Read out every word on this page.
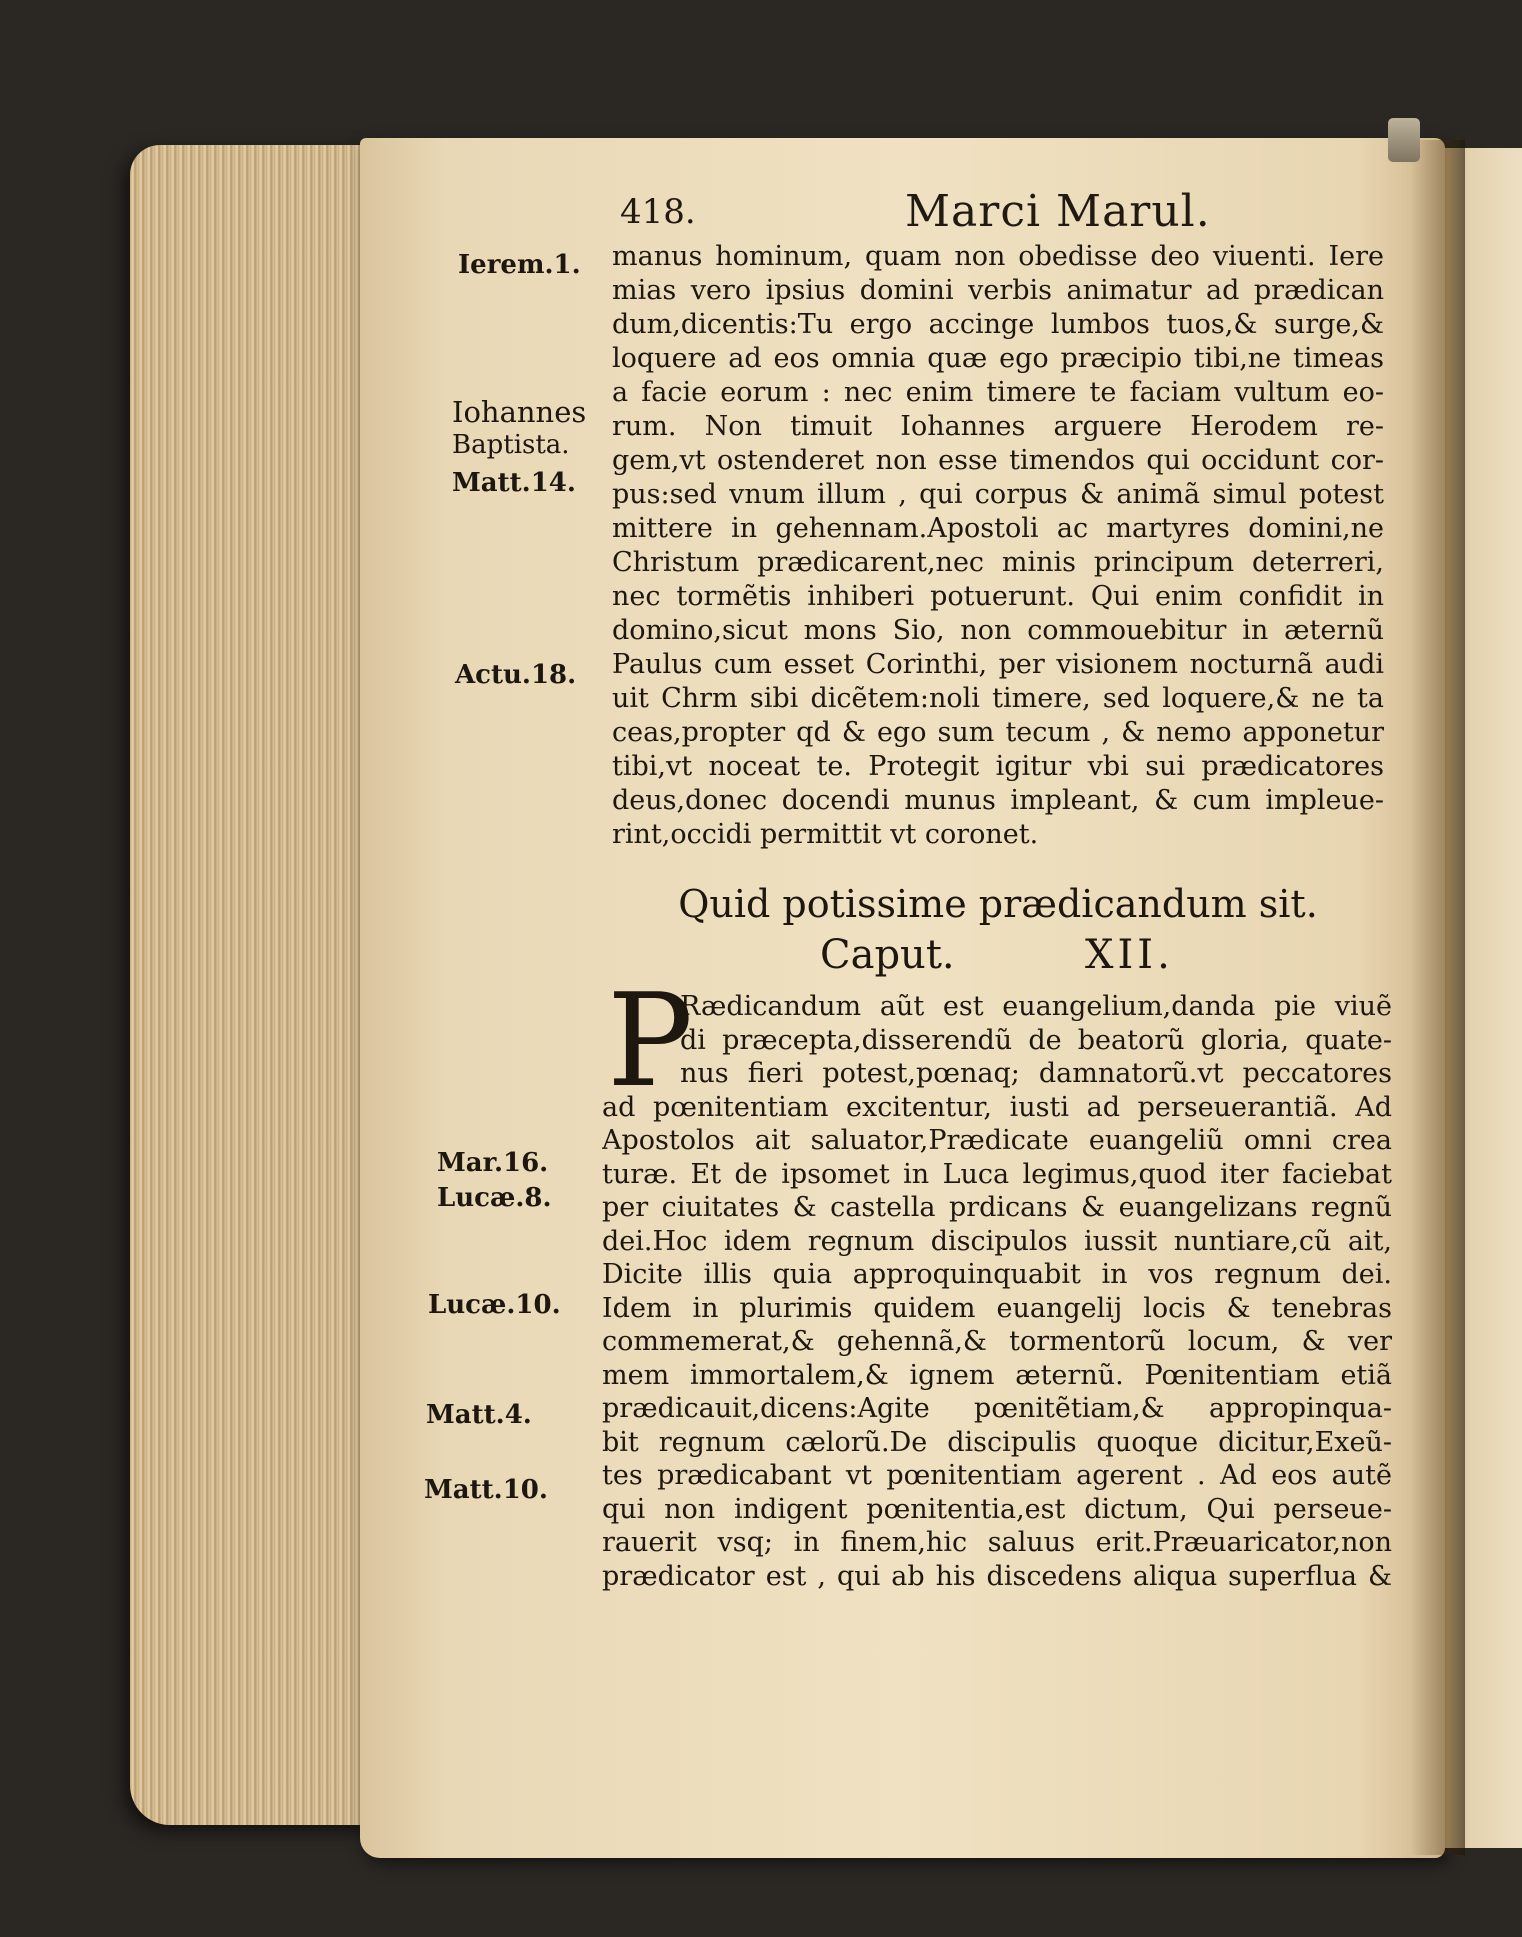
418.	Marci Marul.
manus hominum, quam non obedisse deo viuenti. Iere
mias vero ipsius domini verbis animatur ad prædican
dum,dicentis:Tu ergo accinge lumbos tuos,& surge,&
loquere ad eos omnia quæ ego præcipio tibi,ne timeas
a facie eorum : nec enim timere te faciam vultum eo-
rum. Non timuit Iohannes arguere Herodem re-
gem,vt ostenderet non esse timendos qui occidunt cor-
pus:sed vnum illum , qui corpus & animã simul potest
mittere in gehennam.Apostoli ac martyres domini,ne
Christum prædicarent,nec minis principum deterreri,
nec tormẽtis inhiberi potuerunt. Qui enim confidit in
domino,sicut mons Sio, non commouebitur in æternũ
Paulus cum esset Corinthi, per visionem nocturnã audi
uit Chrm sibi dicẽtem:noli timere, sed loquere,& ne ta
ceas,propter qd & ego sum tecum , & nemo apponetur
tibi,vt noceat te. Protegit igitur vbi sui prædicatores
deus,donec docendi munus impleant, & cum impleue-
rint,occidi permittit vt coronet.
Quid potissime prædicandum sit.
Caput.	XII.
P
Rædicandum aũt est euangelium,danda pie viuẽ
di præcepta,disserendũ de beatorũ gloria, quate-
nus fieri potest,pœnaq; damnatorũ.vt peccatores
ad pœnitentiam excitentur, iusti ad perseuerantiã. Ad
Apostolos ait saluator,Prædicate euangeliũ omni crea
turæ. Et de ipsomet in Luca legimus,quod iter faciebat
per ciuitates & castella prdicans & euangelizans regnũ
dei.Hoc idem regnum discipulos iussit nuntiare,cũ ait,
Dicite illis quia approquinquabit in vos regnum dei.
Idem in plurimis quidem euangelij locis & tenebras
commemerat,& gehennã,& tormentorũ locum, & ver
mem immortalem,& ignem æternũ. Pœnitentiam etiã
prædicauit,dicens:Agite pœnitẽtiam,& appropinqua-
bit regnum cælorũ.De discipulis quoque dicitur,Exeũ-
tes prædicabant vt pœnitentiam agerent . Ad eos autẽ
qui non indigent pœnitentia,est dictum, Qui perseue-
rauerit vsq; in finem,hic saluus erit.Præuaricator,non
prædicator est , qui ab his discedens aliqua superflua &
Ierem.1.
Iohannes
Baptista.
Matt.14.
Actu.18.
Mar.16.
Lucæ.8.
Lucæ.10.
Matt.4.
Matt.10.
